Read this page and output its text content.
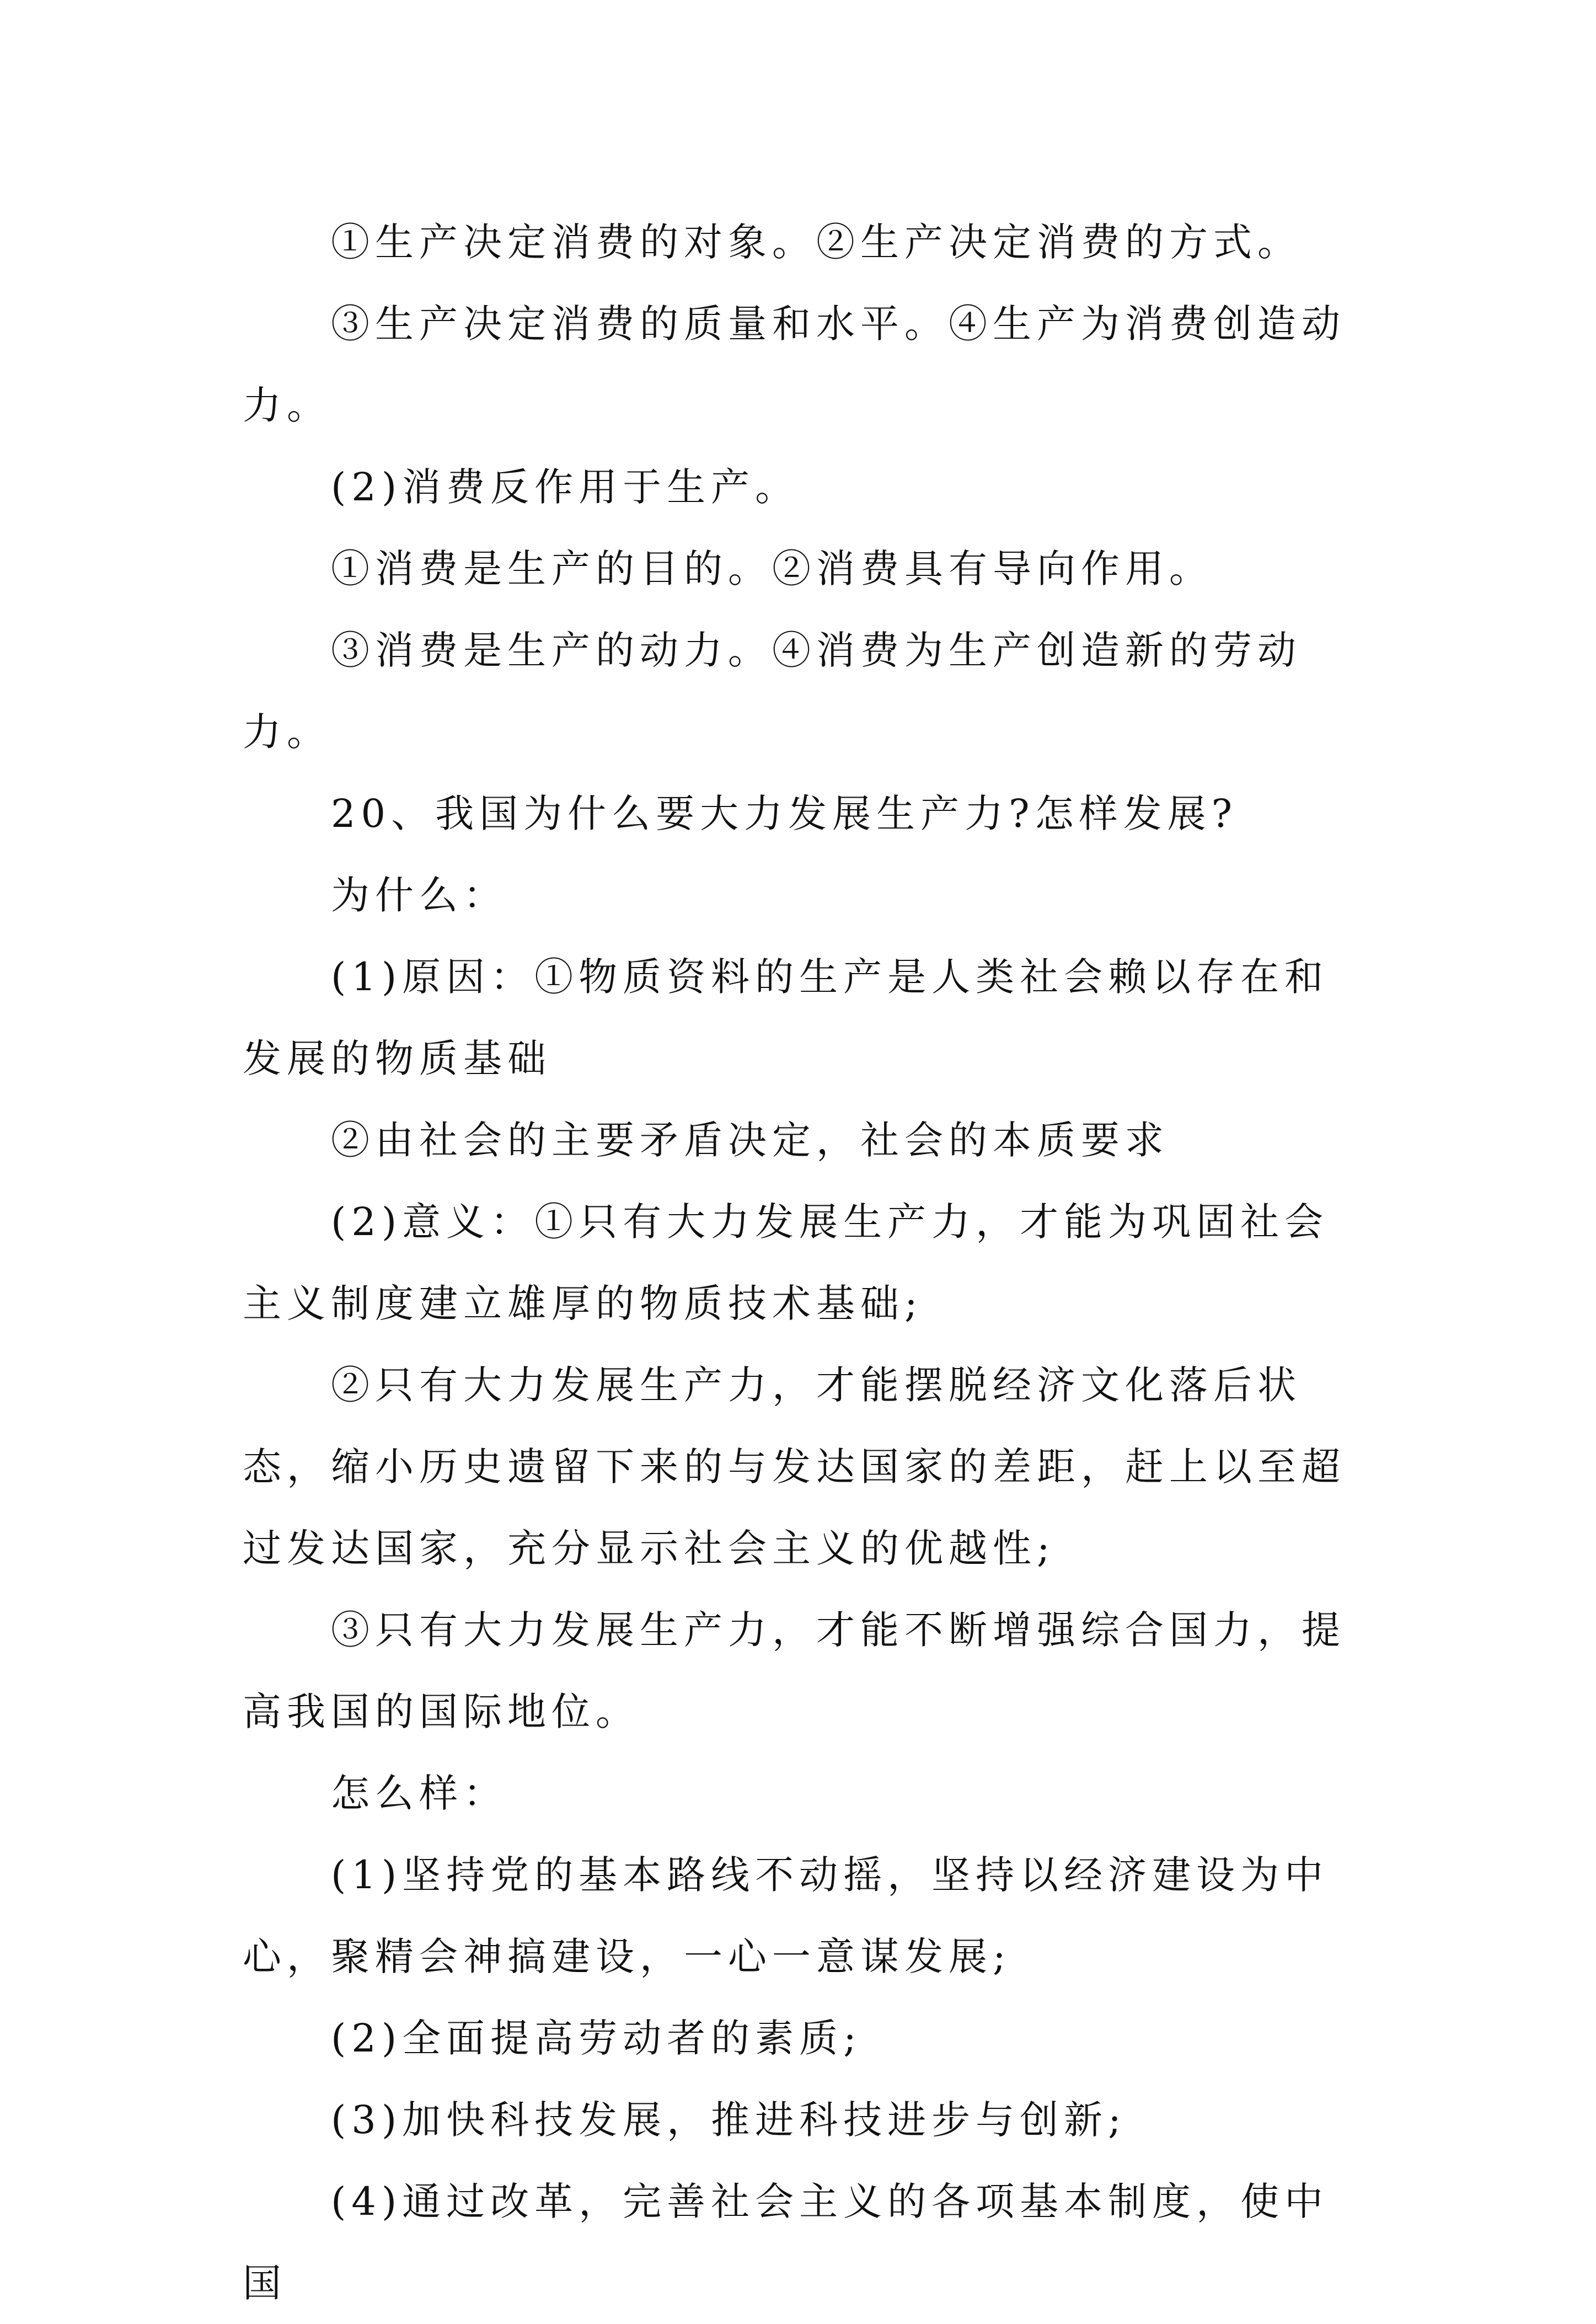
①生产决定消费的对象。②生产决定消费的方式。

③生产决定消费的质量和水平。④生产为消费创造动力。

(2)消费反作用于生产。

①消费是生产的目的。②消费具有导向作用。

③消费是生产的动力。④消费为生产创造新的劳动力。

20、我国为什么要大力发展生产力?怎样发展?

为什么：

(1)原因：①物质资料的生产是人类社会赖以存在和发展的物质基础

②由社会的主要矛盾决定，社会的本质要求

(2)意义：①只有大力发展生产力，才能为巩固社会主义制度建立雄厚的物质技术基础;

②只有大力发展生产力，才能摆脱经济文化落后状态，缩小历史遗留下来的与发达国家的差距，赶上以至超过发达国家，充分显示社会主义的优越性;

③只有大力发展生产力，才能不断增强综合国力，提高我国的国际地位。

怎么样：

(1)坚持党的基本路线不动摇，坚持以经济建设为中心，聚精会神搞建设，一心一意谋发展;

(2)全面提高劳动者的素质;

(3)加快科技发展，推进科技进步与创新;

(4)通过改革，完善社会主义的各项基本制度，使中国
